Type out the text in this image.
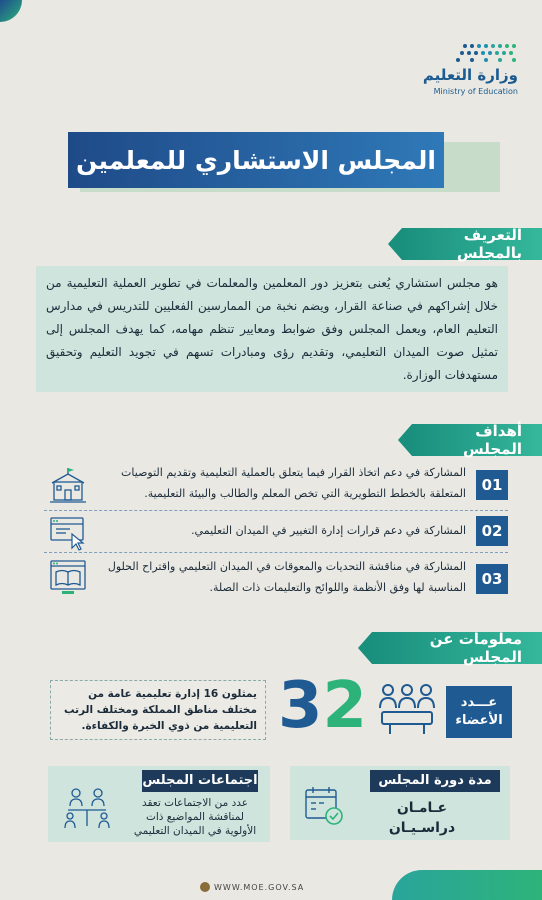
وزارة التعليم
Ministry of Education
المجلس الاستشاري للمعلمين
التعريف بالمجلس
هو مجلس استشاري يُعنى بتعزيز دور المعلمين والمعلمات في تطوير العملية التعليمية من خلال إشراكهم في صناعة القرار، ويضم نخبة من الممارسين الفعليين للتدريس في مدارس التعليم العام، ويعمل المجلس وفق ضوابط ومعايير تنظم مهامه، كما يهدف المجلس إلى تمثيل صوت الميدان التعليمي، وتقديم رؤى ومبادرات تسهم في تجويد التعليم وتحقيق مستهدفات الوزارة.
أهداف المجلس
01
المشاركة في دعم اتخاذ القرار فيما يتعلق بالعملية التعليمية وتقديم التوصيات المتعلقة بالخطط التطويرية التي تخص المعلم والطالب والبيئة التعليمية.
02
المشاركة في دعم قرارات إدارة التغيير في الميدان التعليمي.
03
المشاركة في مناقشة التحديات والمعوقات في الميدان التعليمي واقتراح الحلول المناسبة لها وفق الأنظمة واللوائح والتعليمات ذات الصلة.
معلومات عن المجلس
عـــدد
الأعضاء
32
يمثلون 16 إدارة تعليمية عامة من مختلف مناطق المملكة ومختلف الرتب التعليمية من ذوي الخبرة والكفاءة.
مدة دورة المجلس
عـامـان
دراسـيـان
اجتماعات المجلس
عدد من الاجتماعات تعقد لمناقشة المواضيع ذات الأولوية في الميدان التعليمي
WWW.MOE.GOV.SA
